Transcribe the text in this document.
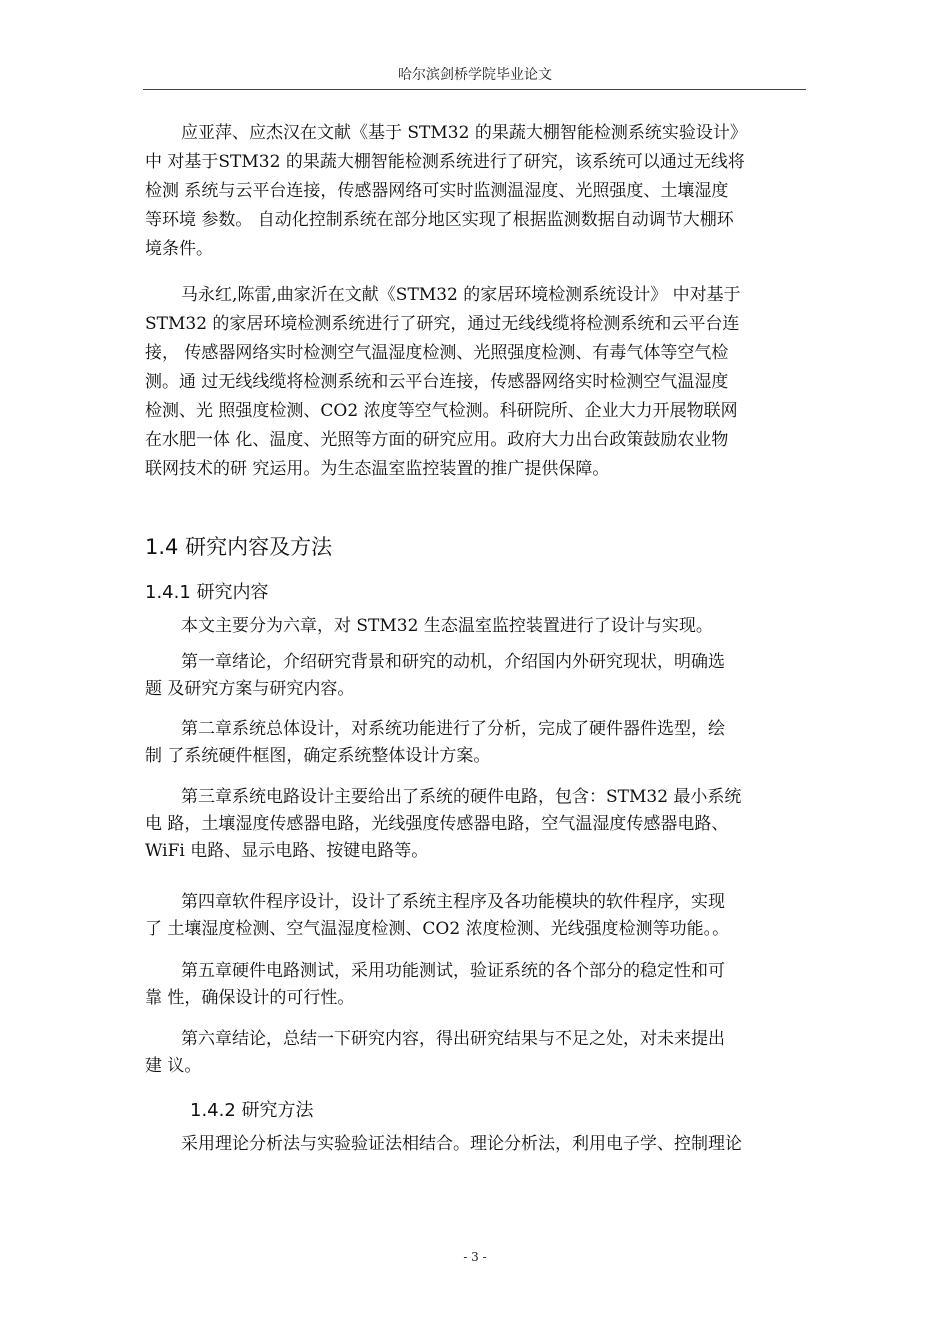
哈尔滨剑桥学院毕业论文
应亚萍、应杰汉在文献《基于 STM32 的果蔬大棚智能检测系统实验设计》
中 对基于STM32 的果蔬大棚智能检测系统进行了研究，该系统可以通过无线将
检测 系统与云平台连接，传感器网络可实时监测温湿度、光照强度、土壤湿度
等环境 参数。 自动化控制系统在部分地区实现了根据监测数据自动调节大棚环
境条件。
马永红,陈雷,曲家沂在文献《STM32 的家居环境检测系统设计》 中对基于
STM32 的家居环境检测系统进行了研究，通过无线线缆将检测系统和云平台连
接， 传感器网络实时检测空气温湿度检测、光照强度检测、有毒气体等空气检
测。通 过无线线缆将检测系统和云平台连接，传感器网络实时检测空气温湿度
检测、光 照强度检测、CO2 浓度等空气检测。科研院所、企业大力开展物联网
在水肥一体 化、温度、光照等方面的研究应用。政府大力出台政策鼓励农业物
联网技术的研 究运用。为生态温室监控装置的推广提供保障。
1.4 研究内容及方法
1.4.1 研究内容
本文主要分为六章，对 STM32 生态温室监控装置进行了设计与实现。
第一章绪论，介绍研究背景和研究的动机，介绍国内外研究现状，明确选
题 及研究方案与研究内容。
第二章系统总体设计，对系统功能进行了分析，完成了硬件器件选型，绘
制 了系统硬件框图，确定系统整体设计方案。
第三章系统电路设计主要给出了系统的硬件电路，包含：STM32 最小系统
电 路，土壤湿度传感器电路，光线强度传感器电路，空气温湿度传感器电路、
WiFi 电路、显示电路、按键电路等。
第四章软件程序设计，设计了系统主程序及各功能模块的软件程序，实现
了 土壤湿度检测、空气温湿度检测、CO2 浓度检测、光线强度检测等功能。。
第五章硬件电路测试，采用功能测试，验证系统的各个部分的稳定性和可
靠 性，确保设计的可行性。
第六章结论，总结一下研究内容，得出研究结果与不足之处，对未来提出
建 议。
1.4.2 研究方法
采用理论分析法与实验验证法相结合。理论分析法，利用电子学、控制理论
- 3 -
